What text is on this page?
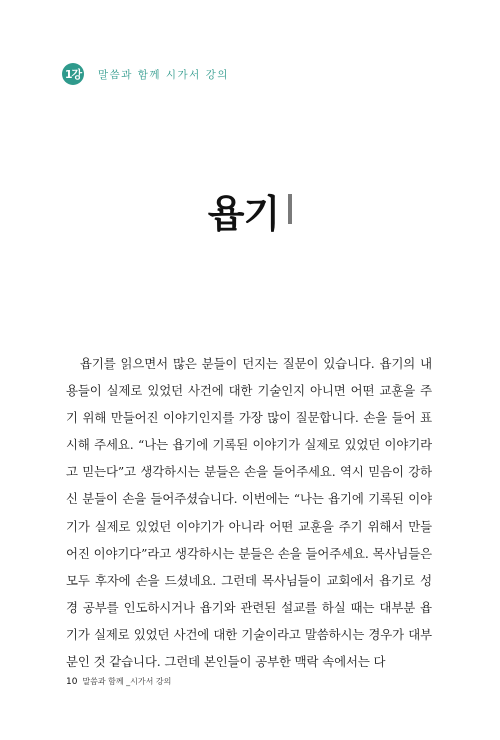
1강 말씀과 함께 시가서 강의
욥기

욥기를 읽으면서 많은 분들이 던지는 질문이 있습니다. 욥기의 내용들이 실제로 있었던 사건에 대한 기술인지 아니면 어떤 교훈을 주기 위해 만들어진 이야기인지를 가장 많이 질문합니다. 손을 들어 표시해 주세요. “나는 욥기에 기록된 이야기가 실제로 있었던 이야기라고 믿는다”고 생각하시는 분들은 손을 들어주세요. 역시 믿음이 강하신 분들이 손을 들어주셨습니다. 이번에는 “나는 욥기에 기록된 이야기가 실제로 있었던 이야기가 아니라 어떤 교훈을 주기 위해서 만들어진 이야기다”라고 생각하시는 분들은 손을 들어주세요. 목사님들은 모두 후자에 손을 드셨네요. 그런데 목사님들이 교회에서 욥기로 성경 공부를 인도하시거나 욥기와 관련된 설교를 하실 때는 대부분 욥기가 실제로 있었던 사건에 대한 기술이라고 말씀하시는 경우가 대부분인 것 같습니다. 그런데 본인들이 공부한 맥락 속에서는 다

10 말씀과 함께 _시가서 강의
